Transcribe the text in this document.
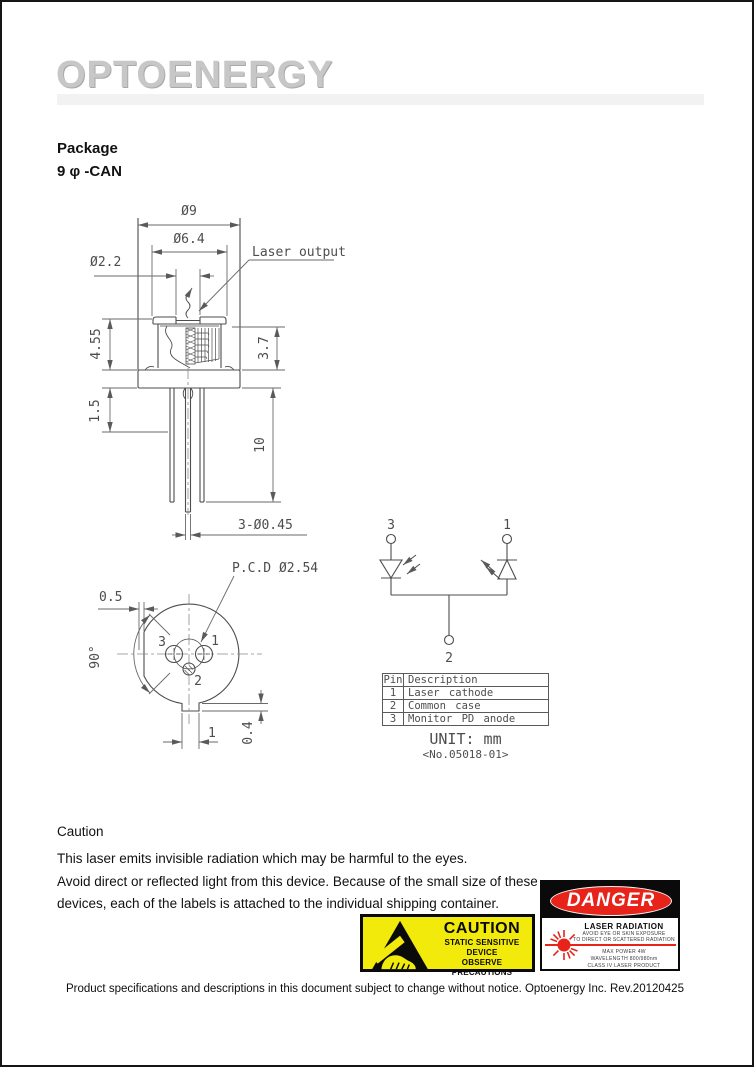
OPTOENERGY
Package
9 φ -CAN
Ø9
Ø6.4
Ø2.2
Laser output
4.55
1.5
3.7
10
3-Ø0.45
P.C.D Ø2.54
0.5
90°
3	1
2
1 0.4
3	1
2
Pin	Description
1	Laser cathode
2	Common case
3	Monitor PD anode
UNIT: mm
<No.05018-01>
Caution
This laser emits invisible radiation which may be harmful to the eyes.
Avoid direct or reflected light from this device. Because of the small size of these
devices, each of the labels is attached to the individual shipping container.
CAUTION
STATIC SENSITIVE DEVICE
OBSERVE PRECAUTIONS
DANGER
LASER RADIATION
AVOID EYE OR SKIN EXPOSURE
TO DIRECT OR SCATTERED RADIATION
MAX POWER 4W
WAVELENGTH 800/980nm
CLASS IV LASER PRODUCT
Product specifications and descriptions in this document subject to change without notice. Optoenergy Inc. Rev.20120425
